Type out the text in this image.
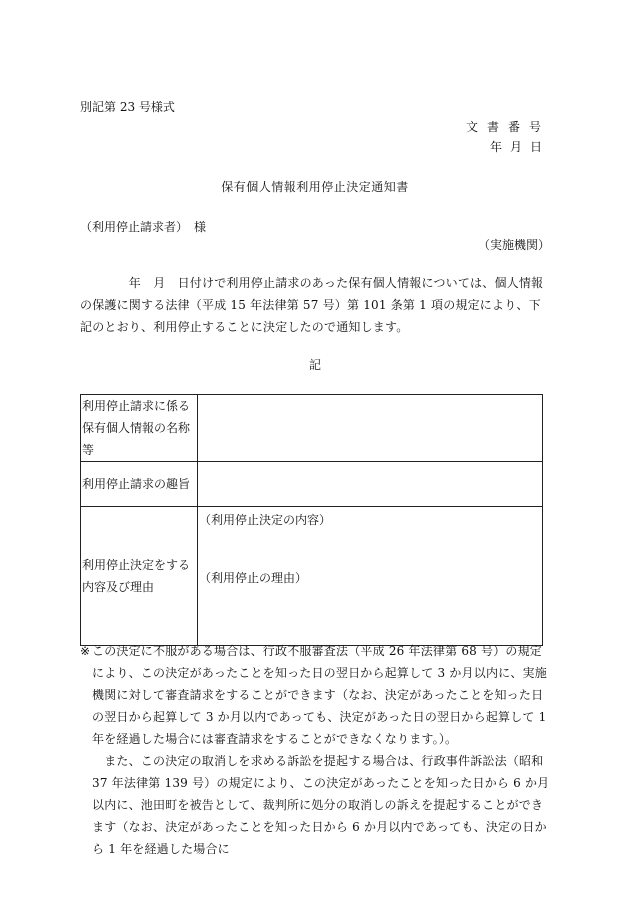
別記第 23 号様式
文書番号
年月日
保有個人情報利用停止決定通知書
（利用停止請求者）　様
（実施機関）
　　　　年　月　日付けで利用停止請求のあった保有個人情報については、個人情報の保護に関する法律（平成 15 年法律第 57 号）第 101 条第 1 項の規定により、下記のとおり、利用停止することに決定したので通知します。
記
利用停止請求に係る保有個人情報の名称等	
利用停止請求の趣旨	
利用停止決定をする内容及び理由	（利用停止決定の内容）
（利用停止の理由）
※ この決定に不服がある場合は、行政不服審査法（平成 26 年法律第 68 号）の規定により、この決定があったことを知った日の翌日から起算して 3 か月以内に、実施機関に対して審査請求をすることができます（なお、決定があったことを知った日の翌日から起算して 3 か月以内であっても、決定があった日の翌日から起算して 1 年を経過した場合には審査請求をすることができなくなります。）。

　また、この決定の取消しを求める訴訟を提起する場合は、行政事件訴訟法（昭和 37 年法律第 139 号）の規定により、この決定があったことを知った日から 6 か月以内に、池田町を被告として、裁判所に処分の取消しの訴えを提起することができます（なお、決定があったことを知った日から 6 か月以内であっても、決定の日から 1 年を経過した場合に
